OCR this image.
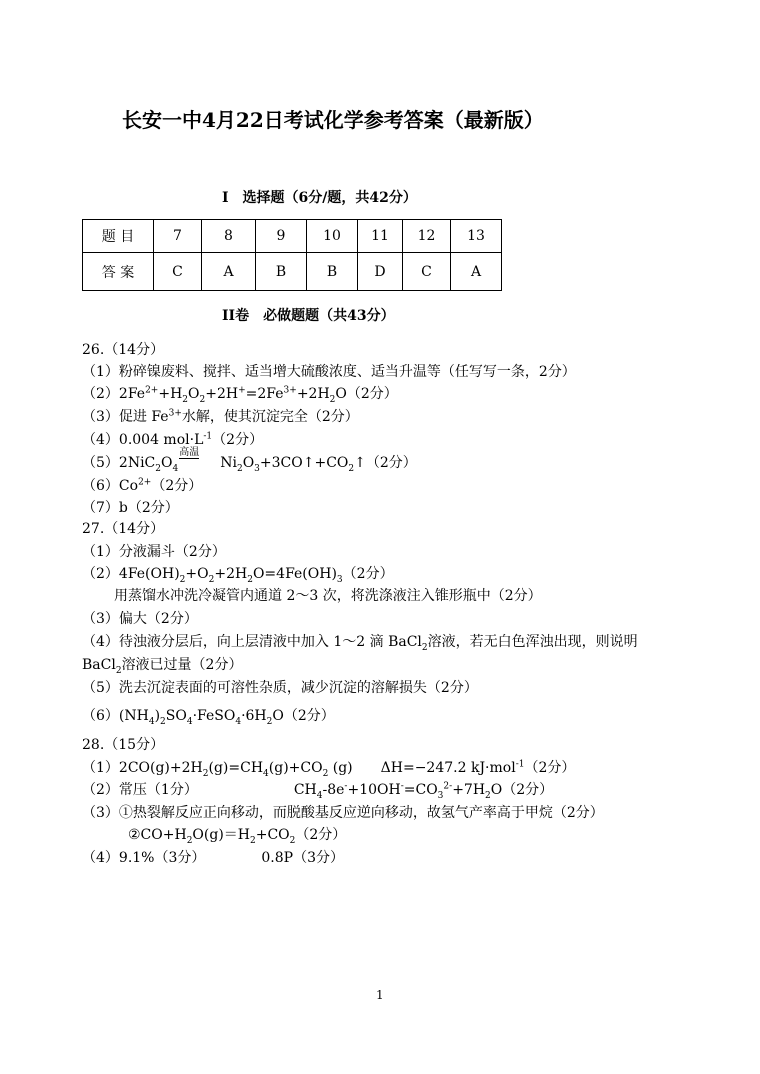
长安一中4月22日考试化学参考答案（最新版）
I　选择题（6分/题，共42分）
题 目	7	8	9	10	11	12	13
答 案	C	A	B	B	D	C	A
II卷　必做题题（共43分）
26.（14分）
（1）粉碎镍废料、搅拌、适当增大硫酸浓度、适当升温等（任写写一条，2分）
$(2)2Fe^{2+}+H_2O_2+2H^+=2Fe^{3+}+2H_2O(2$分）
（3）促进 $Fe^{3+}$水解，使其沉淀完全（2分）
（4）0.004 $mol\cdot L^{-1}(2$分）
$(5)2NiC_2O_4$
高温
$Ni_2O_3+3CO↑+CO_2↑(2$分）
$(6)Co^{2+}(2$分）
（7）b（2分）
27.（14分）
（1）分液漏斗（2分）
$(2)4Fe(OH)_2+O_2+2H_2O=4Fe(OH)_3(2$分）
用蒸馏水冲洗冷凝管内通道 2～3 次，将洗涤液注入锥形瓶中（2分）
（3）偏大（2分）
（4）待浊液分层后，向上层清液中加入 1～2 滴 BaCl$_2$溶液，若无白色浑浊出现，则说明
BaCl$_2$溶液已过量（2分）
（5）洗去沉淀表面的可溶性杂质，减少沉淀的溶解损失（2分）
$(6)(NH_4)_2SO_4\cdot FeSO_4\cdot 6H_2O(2$分）
28.（15分）
$(1)2CO(g)+2H_2(g)=CH_4(g)+CO_2$ (g) ΔH=−247.2 kJ·mol$^{-1}$（2分）
（2）常压（1分）	$CH_4-8e^-+10OH^-=CO_3^{2-}+7H_2O(2$分）
（3）①热裂解反应正向移动，而脱酸基反应逆向移动，故氢气产率高于甲烷（2分）
$②CO+H_2O(g)=H_2+CO_2(2$分）
（4）9.1%（3分）	0.8P（3分）
1
